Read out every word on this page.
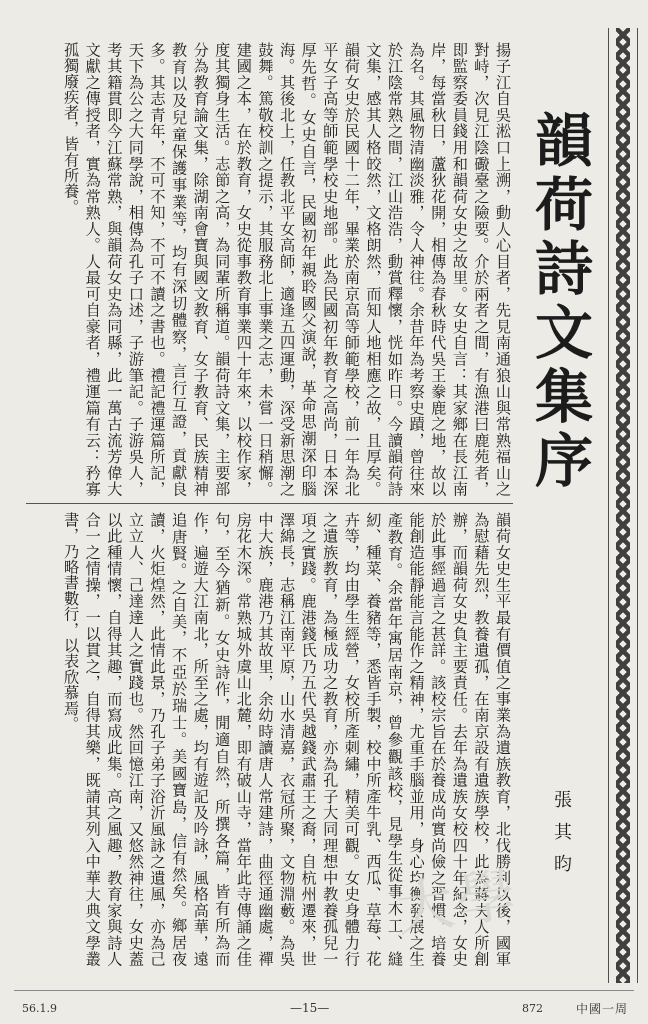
韻荷詩文集序
張其昀

揚子江自吳淞口上溯，動人心目者，先見南通狼山與常熟福山之對峙，次見江陰礮臺之險要。介於兩者之間，有漁港曰鹿苑者，即監察委員錢用和韻荷女史之故里。女史自言：其家鄉在長江南岸，每當秋日，蘆狄花開，相傳為春秋時代吳王豢鹿之地，故以為名。其風物清幽淡雅，令人神往。余昔年為考察史蹟，曾往來於江陰常熟之間，江山浩浩，動賞釋懷，恍如昨日。今讀韻荷詩文集，感其人格皎然，文格朗然，而知人地相應之故，且厚矣。韻荷女史於民國十二年，畢業於南京高等師範學校，前一年為北平女子高等師範學校史地部。此為民國初年教育之高尚，日本深厚先哲。女史自言，民國初年親聆國父演說，革命思潮深印腦海。其後北上，任教北平女高師，適逢五四運動，深受新思潮之鼓舞。篤敬校訓之提示，其服務北上事業之志，未嘗一日稍懈。建國之本，在於教育，女史從事教育事業四十年來，以校作家，度其獨身生活。志節之高，為同輩所稱道。韻荷詩文集，主要部分為教育論文集，除湖南會寶與國文教育、女子教育、民族精神教育以及兒童保護事業等，均有深切體察，言行互證，貢獻良多。其志青年，不可不知，不可不讀之書也。禮記禮運篇所記，天下為公之大同學說，相傳為孔子口述，子游筆記。子游吳人，考其籍貫即今江蘇常熟，與韻荷女史為同縣，此一萬古流芳偉大文獻之傳授者，實為常熟人。人最可自豪者，禮運篇有云：矜寡孤獨廢疾者，皆有所養。

韻荷女史生平最有價值之事業為遺族教育，北伐勝利以後，國軍為慰藉先烈，教養遺孤，在南京設有遺族學校，此為蔣夫人所創辦，而韻荷女史負主要責任。去年為遺族女校四十年紀念，女史於此事經過言之甚詳。該校宗旨在於養成尚實尚儉之習慣，培養能創造能靜能言能作之精神，尤重手腦並用，身心均衡發展之生產教育。余當年寓居南京，曾參觀該校，見學生從事木工、縫紉、種菜、養豬等，悉皆手製，校中所產牛乳、西瓜、草莓、花卉等，均由學生經營，女校所產刺繡，精美可觀。女史身體力行之遺族教育，為極成功之教育，亦為孔子大同理想中教養孤兒一項之實踐。鹿港錢氏乃五代吳越錢武肅王之裔，自杭州遷來，世澤綿長，志稱江南平原，山水清嘉，衣冠所聚，文物淵藪。為吳中大族，鹿港乃其故里，余幼時讀唐人常建詩，曲徑通幽處，禪房花木深。常熟城外虞山北麓，即有破山寺，當年此寺傳誦之佳句，至今猶新。女史詩作，閒適自然，所撰各篇，皆有所為而作，遍遊大江南北，所至之處，均有遊記及吟詠，風格高華，遠追唐賢。之自美，不亞於瑞士。美國寶島，信有然矣。鄉居夜讀，火炬煌然，此情此景，乃孔子弟子浴沂風詠之遺風，亦為己立立人、己達達人之實踐也。然回憶江南，又悠然神往，女史蓋以此種情懷，自得其趣，而寫成此集。高之風趣，教育家與詩人合一之情操，一以貫之，自得其樂，既請其列入中華大典文學叢書，乃略書數行，以表欣慕焉。

56.1.9	—15—	872	中國一周
大學
